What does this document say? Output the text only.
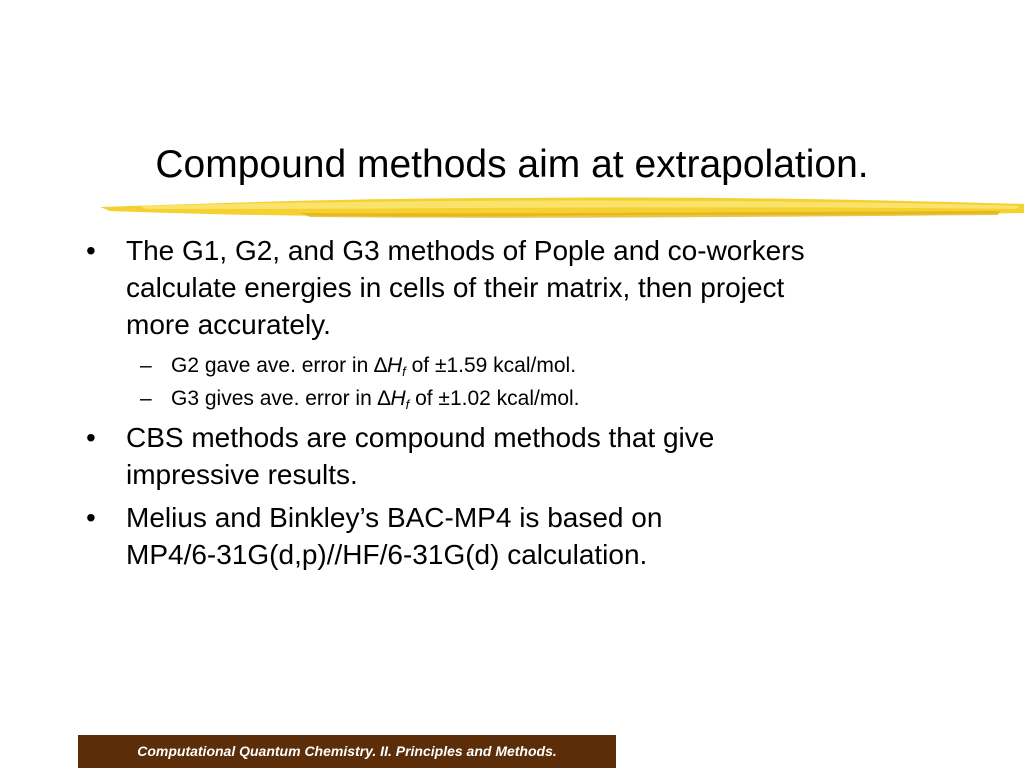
Compound methods aim at extrapolation.
•	The G1, G2, and G3 methods of Pople and co-workers
calculate energies in cells of their matrix, then project
more accurately.
– G2 gave ave. error in $\Delta H_f$ of ±1.59 kcal/mol.
– G3 gives ave. error in $\Delta H_f$ of ±1.02 kcal/mol.
•	CBS methods are compound methods that give
impressive results.
•	Melius and Binkley’s BAC-MP4 is based on
MP4/6-31G(d,p)//HF/6-31G(d) calculation.
Computational Quantum Chemistry. II. Principles and Methods.
